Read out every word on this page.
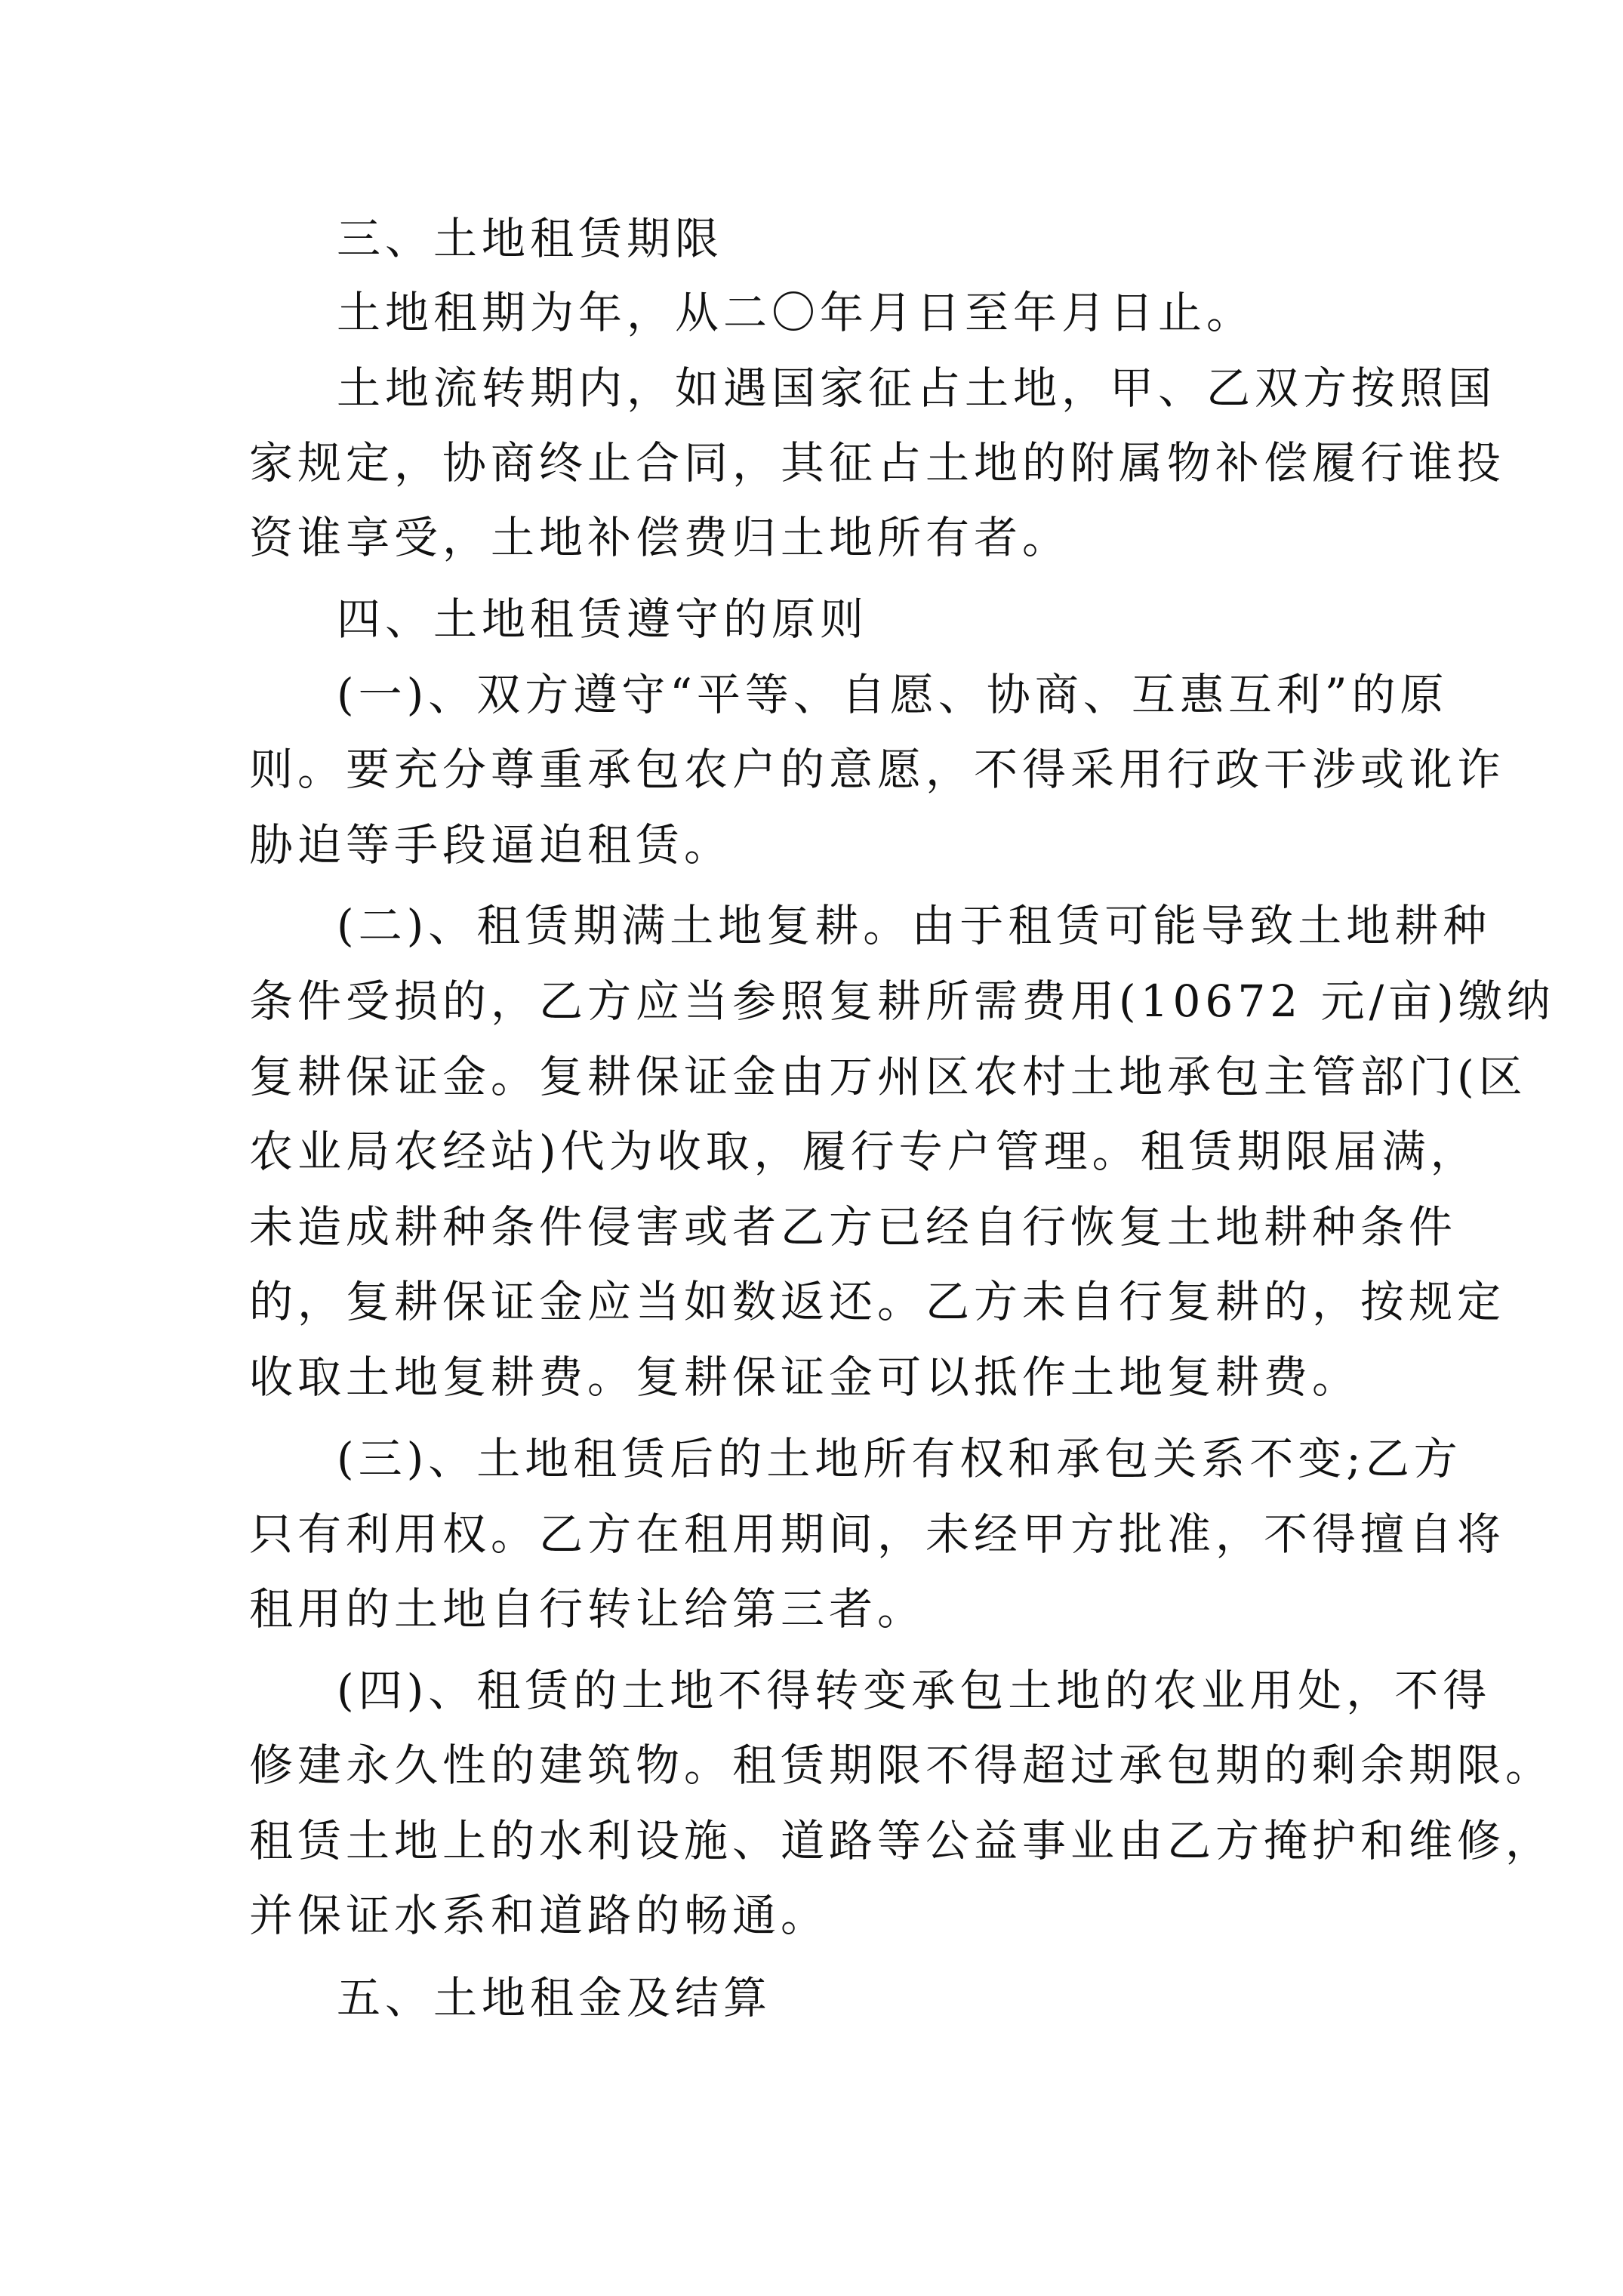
三、土地租赁期限

土地租期为年，从二〇年月日至年月日止。

土地流转期内，如遇国家征占土地，甲、乙双方按照国

家规定，协商终止合同，其征占土地的附属物补偿履行谁投

资谁享受，土地补偿费归土地所有者。

四、土地租赁遵守的原则

(一)、双方遵守“平等、自愿、协商、互惠互利”的原

则。要充分尊重承包农户的意愿，不得采用行政干涉或讹诈

胁迫等手段逼迫租赁。

(二)、租赁期满土地复耕。由于租赁可能导致土地耕种

条件受损的，乙方应当参照复耕所需费用(10672 元/亩)缴纳

复耕保证金。复耕保证金由万州区农村土地承包主管部门(区

农业局农经站)代为收取，履行专户管理。租赁期限届满，

未造成耕种条件侵害或者乙方已经自行恢复土地耕种条件

的，复耕保证金应当如数返还。乙方未自行复耕的，按规定

收取土地复耕费。复耕保证金可以抵作土地复耕费。

(三)、土地租赁后的土地所有权和承包关系不变;乙方

只有利用权。乙方在租用期间，未经甲方批准，不得擅自将

租用的土地自行转让给第三者。

(四)、租赁的土地不得转变承包土地的农业用处，不得

修建永久性的建筑物。租赁期限不得超过承包期的剩余期限。

租赁土地上的水利设施、道路等公益事业由乙方掩护和维修，

并保证水系和道路的畅通。

五、土地租金及结算
